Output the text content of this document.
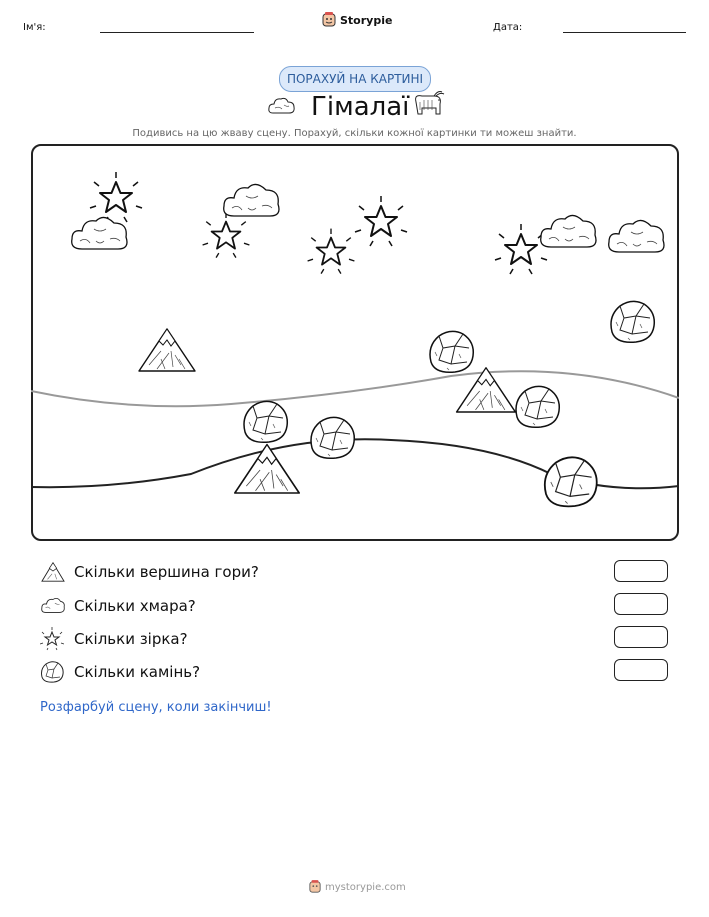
Ім'я:
Storypie
Дата:
ПОРАХУЙ НА КАРТИНІ
Гімалаї
Подивись на цю жваву сцену. Порахуй, скільки кожної картинки ти можеш знайти.
Скільки вершина гори?
Скільки хмара?
Скільки зірка?
Скільки камінь?
Розфарбуй сцену, коли закінчиш!
mystorypie.com
